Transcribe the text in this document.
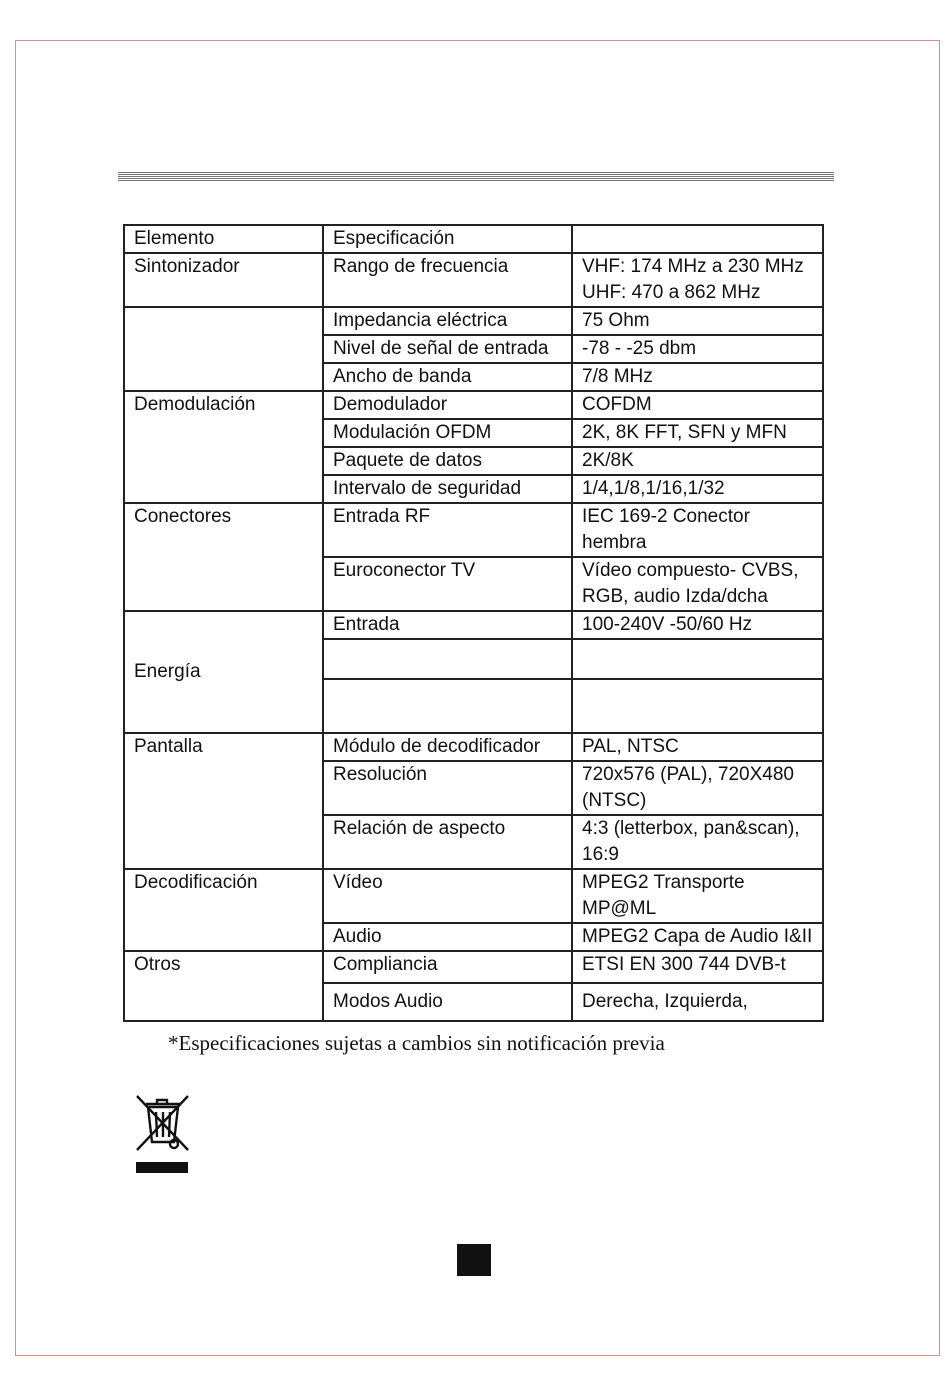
Elemento	Especificación	
Sintonizador	Rango de frecuencia	VHF: 174 MHz a 230 MHz
UHF: 470 a 862 MHz

	Impedancia eléctrica	75 Ohm
	Nivel de señal de entrada	-78 - -25 dbm
	Ancho de banda	7/8 MHz
Demodulación	Demodulador	COFDM
	Modulación OFDM	2K, 8K FFT, SFN y MFN
	Paquete de datos	2K/8K
	Intervalo de seguridad	1/4,1/8,1/16,1/32
Conectores	Entrada RF	IEC 169-2 Conector
hembra

	Euroconector TV	Vídeo compuesto- CVBS,
RGB, audio Izda/dcha

Energía	Entrada	100-240V -50/60 Hz

Pantalla	Módulo de decodificador	PAL, NTSC
	Resolución	720x576 (PAL), 720X480
(NTSC)

	Relación de aspecto	4:3 (letterbox, pan&scan),
16:9

Decodificación	Vídeo	MPEG2 Transporte
MP@ML

	Audio	MPEG2 Capa de Audio I&II
Otros	Compliancia	ETSI EN 300 744 DVB-t
	Modos Audio	Derecha, Izquierda,
*Especificaciones sujetas a cambios sin notificación previa
